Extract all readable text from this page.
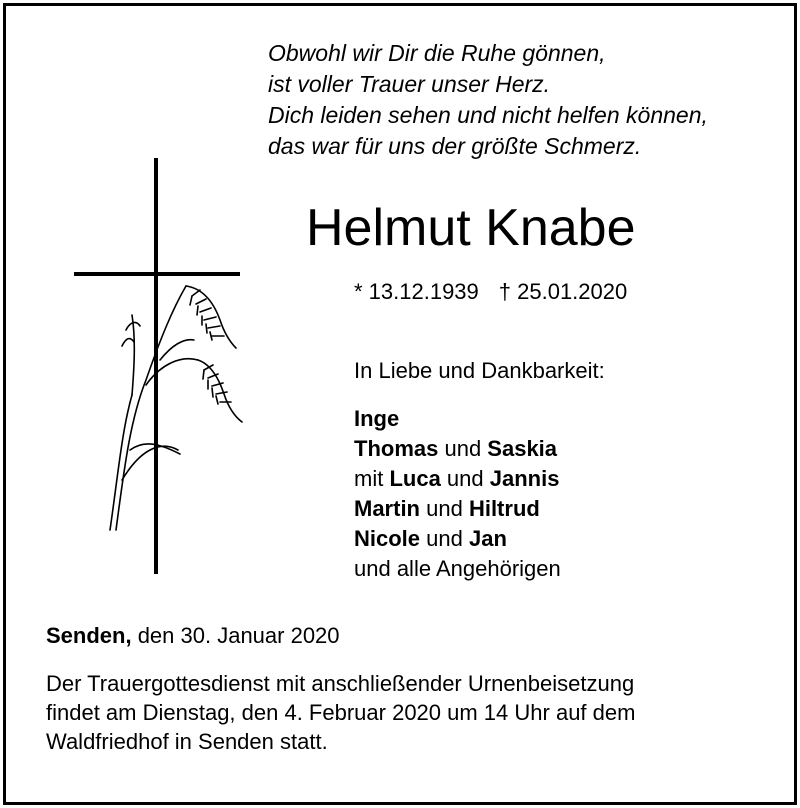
Obwohl wir Dir die Ruhe gönnen,
ist voller Trauer unser Herz.
Dich leiden sehen und nicht helfen können,
das war für uns der größte Schmerz.
Helmut Knabe
* 13.12.1939 † 25.01.2020
In Liebe und Dankbarkeit:
Inge
Thomas und Saskia
mit Luca und Jannis
Martin und Hiltrud
Nicole und Jan
und alle Angehörigen
Senden, den 30. Januar 2020
Der Trauergottesdienst mit anschließender Urnenbeisetzung
findet am Dienstag, den 4. Februar 2020 um 14 Uhr auf dem
Waldfriedhof in Senden statt.
